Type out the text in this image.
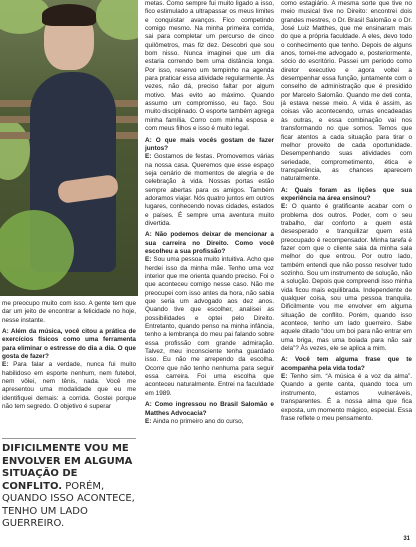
me preocupo muito com isso. A gente tem que dar um jeito de encontrar a felicidade no hoje, nesse instante.

A: Além da música, você citou a prática de exercícios físicos como uma ferramenta para eliminar o estresse do dia a dia. O que gosta de fazer?

E: Para falar a verdade, nunca fui muito habilidoso em esporte nenhum, nem futebol, nem vôlei, nem tênis, nada. Você me apresentou uma modalidade que eu me identifiquei demais: a corrida. Gostei porque não tem segredo. O objetivo é superar

DIFICILMENTE VOU ME ENVOLVER EM ALGUMA SITUAÇÃO DE CONFLITO. PORÉM, QUANDO ISSO ACONTECE, TENHO UM LADO GUERREIRO.

metas. Como sempre fui muito ligado a isso, fico estimulado a ultrapassar os meus limites e conquistar avanços. Fico competindo comigo mesmo. Na minha primeira corrida, sai para completar um percurso de cinco quilômetros, mas fiz dez. Descobri que sou bom nisso. Nunca imaginei que um dia estaria correndo bem uma distância longa. Por isso, reservo um tempinho na agenda para praticar essa atividade regularmente. Às vezes, não dá, preciso faltar por algum motivo. Mas evito ao máximo. Quando assumo um compromisso, eu faço. Sou muito disciplinado. O esporte também agrega minha família. Corro com minha esposa e com meus filhos e isso é muito legal.

A: O que mais vocês gostam de fazer juntos?

E: Gostamos de festas. Promovemos várias na nossa casa. Queremos que esse espaço seja cenário de momentos de alegria e de celebração à vida. Nossas portas estão sempre abertas para os amigos. Também adoramos viajar. Nós quatro juntos em outros lugares, conhecendo novas cidades, estados e países. É sempre uma aventura muito divertida.

A: Não podemos deixar de mencionar a sua carreira no Direito. Como você escolheu a sua profissão?

E: Sou uma pessoa muito intuitiva. Acho que herdei isso da minha mãe. Tenho uma voz interior que me orienta quando preciso. Foi o que aconteceu comigo nesse caso. Não me preocupei com isso antes da hora, não sabia que seria um advogado aos dez anos. Quando tive que escolher, analisei as possibilidades e optei pelo Direito. Entretanto, quando penso na minha infância, tenho a lembrança do meu pai falando sobre essa profissão com grande admiração. Talvez, meu inconsciente tenha guardado isso. Eu não me arrependo da escolha. Ocorre que não tenho nenhuma para seguir essa carreira. Foi uma escolha que aconteceu naturalmente. Entrei na faculdade em 1989.

A: Como ingressou no Brasil Salomão e Matthes Advocacia?

E: Ainda no primeiro ano do curso,

como estagiário. A mesma sorte que tive no meio musical tive no Direito: encontrei dois grandes mestres, o Dr. Brasil Salomão e o Dr. José Luiz Matthes, que me ensinaram mais do que a própria faculdade. A eles, devo todo o conhecimento que tenho. Depois de alguns anos, tornei-me advogado e, posteriormente, sócio do escritório. Passei um período como diretor executivo e agora voltei a desempenhar essa função, juntamente com o conselho de administração que é presidido por Marcelo Salomão. Quando me deti conta, já estava nesse meio. A vida é assim, as coisas vão acontecendo, umas encadeadas às outras, e essa combinação vai nos transformando no que somos. Temos que ficar atentos a cada situação para tirar o melhor proveito de cada oportunidade. Desempenhando suas atividades com seriedade, comprometimento, ética e transparência, as chances aparecem naturalmente.

A: Quais foram as lições que sua experiência na área ensinou?

E: O quanto é gratificante acabar com o problema dos outros. Poder, com o seu trabalho, dar conforto a quem está desesperado e tranquilizar quem está preocupado é recompensador. Minha tarefa é fazer com que o cliente saia da minha sala melhor do que entrou. Por outro lado, também entendi que não posso resolver tudo sozinho. Sou um instrumento de solução, não a solução. Depois que compreendi isso minha vida ficou mais equilibrada. Independente de qualquer coisa, sou uma pessoa tranquila. Dificilmente vou me envolver em alguma situação de conflito. Porém, quando isso acontece, tenho um lado guerreiro. Sabe aquele ditado “dou um boi para não entrar em uma briga, mas uma boiada para não sair dela”? Às vezes, ele se aplica a mim.

A: Você tem alguma frase que te acompanha pela vida toda?

E: Tenho sim. “A música é a voz da alma”. Quando a gente canta, quando toca um instrumento, estamos vulneráveis, transparentes. É a nossa alma que fica exposta, um momento mágico, especial. Essa frase reflete o meu pensamento.

31
